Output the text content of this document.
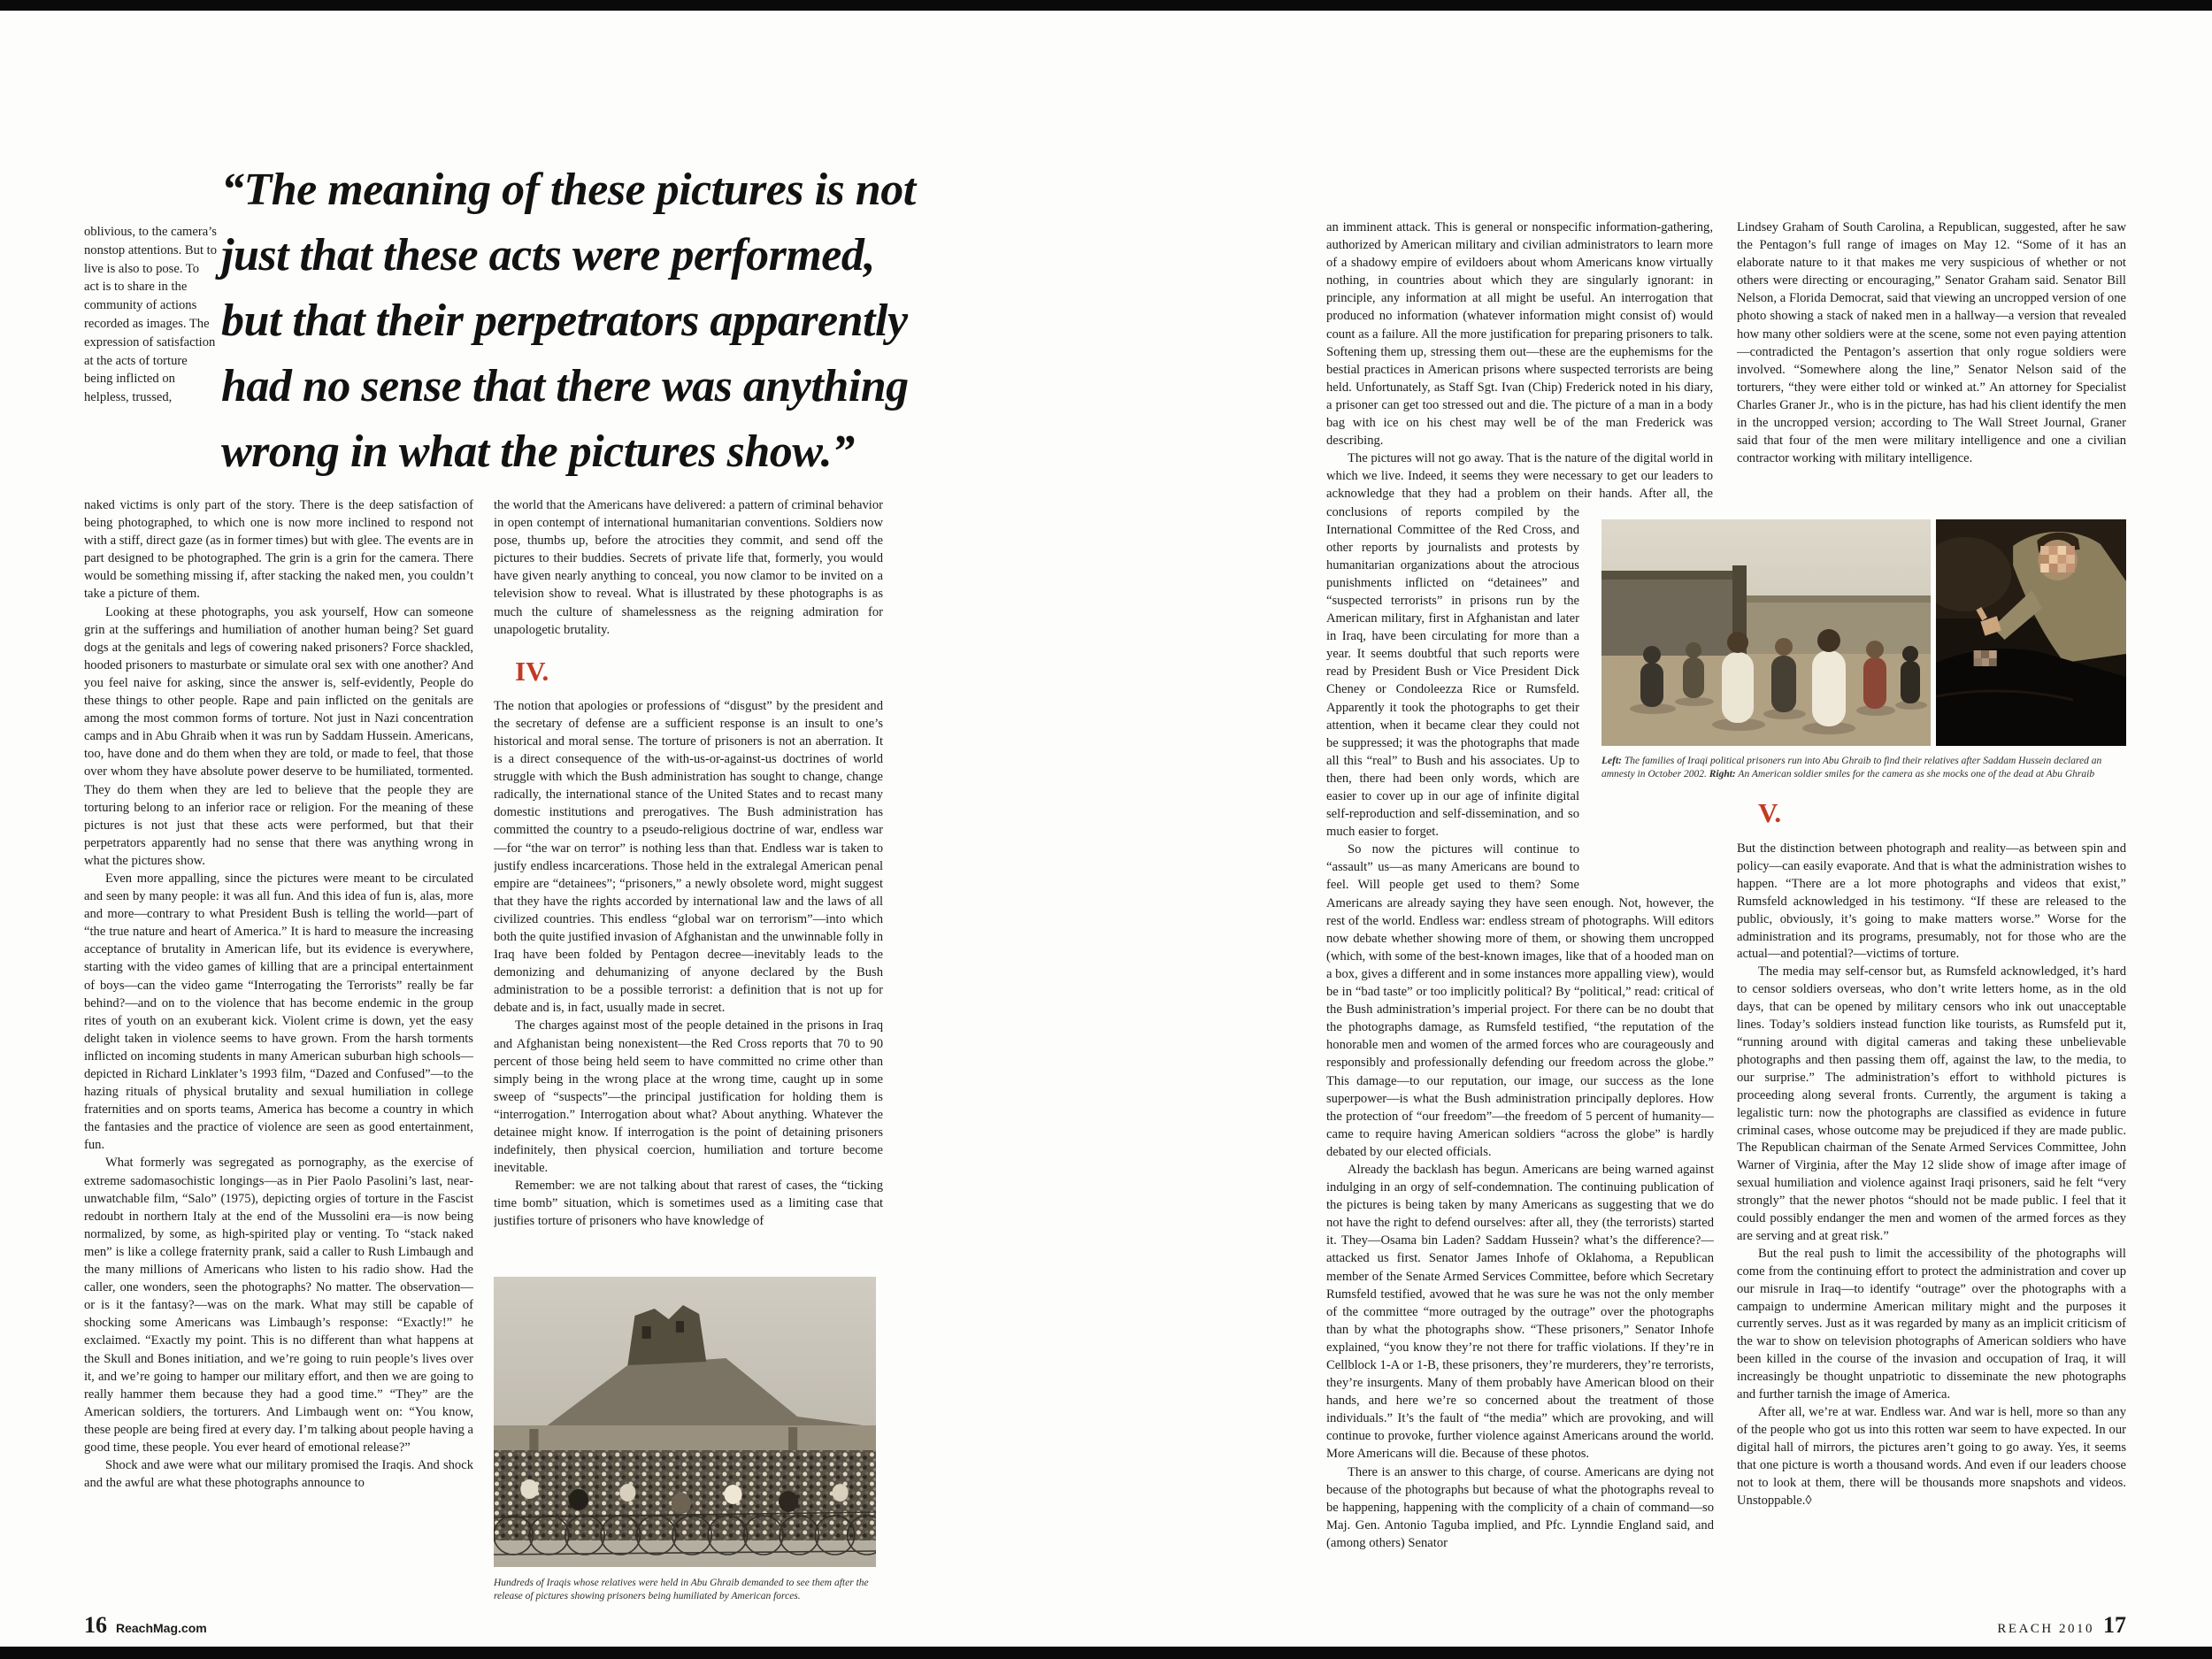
“The meaning of these pictures is not
just that these acts were performed,
but that their perpetrators apparently
had no sense that there was anything
wrong in what the pictures show.”
oblivious, to the camera’s nonstop attentions. But to live is also to pose. To act is to share in the community of actions recorded as images. The expression of satisfaction at the acts of torture being inflicted on helpless, trussed,

naked victims is only part of the story. There is the deep satisfaction of being photographed, to which one is now more inclined to respond not with a stiff, direct gaze (as in former times) but with glee. The events are in part designed to be photographed. The grin is a grin for the camera. There would be something missing if, after stacking the naked men, you couldn’t take a picture of them.

Looking at these photographs, you ask yourself, How can someone grin at the sufferings and humiliation of another human being? Set guard dogs at the genitals and legs of cowering naked prisoners? Force shackled, hooded prisoners to masturbate or simulate oral sex with one another? And you feel naive for asking, since the answer is, self-evidently, People do these things to other people. Rape and pain inflicted on the genitals are among the most common forms of torture. Not just in Nazi concentration camps and in Abu Ghraib when it was run by Saddam Hussein. Americans, too, have done and do them when they are told, or made to feel, that those over whom they have absolute power deserve to be humiliated, tormented. They do them when they are led to believe that the people they are torturing belong to an inferior race or religion. For the meaning of these pictures is not just that these acts were performed, but that their perpetrators apparently had no sense that there was anything wrong in what the pictures show.

Even more appalling, since the pictures were meant to be circulated and seen by many people: it was all fun. And this idea of fun is, alas, more and more—contrary to what President Bush is telling the world—part of “the true nature and heart of America.” It is hard to measure the increasing acceptance of brutality in American life, but its evidence is everywhere, starting with the video games of killing that are a principal entertainment of boys—can the video game “Interrogating the Terrorists” really be far behind?—and on to the violence that has become endemic in the group rites of youth on an exuberant kick. Violent crime is down, yet the easy delight taken in violence seems to have grown. From the harsh torments inflicted on incoming students in many American suburban high schools—depicted in Richard Linklater’s 1993 film, “Dazed and Confused”—to the hazing rituals of physical brutality and sexual humiliation in college fraternities and on sports teams, America has become a country in which the fantasies and the practice of violence are seen as good entertainment, fun.

What formerly was segregated as pornography, as the exercise of extreme sadomasochistic longings—as in Pier Paolo Pasolini’s last, near-unwatchable film, “Salo” (1975), depicting orgies of torture in the Fascist redoubt in northern Italy at the end of the Mussolini era—is now being normalized, by some, as high-spirited play or venting. To “stack naked men” is like a college fraternity prank, said a caller to Rush Limbaugh and the many millions of Americans who listen to his radio show. Had the caller, one wonders, seen the photographs? No matter. The observation—or is it the fantasy?—was on the mark. What may still be capable of shocking some Americans was Limbaugh’s response: “Exactly!” he exclaimed. “Exactly my point. This is no different than what happens at the Skull and Bones initiation, and we’re going to ruin people’s lives over it, and we’re going to hamper our military effort, and then we are going to really hammer them because they had a good time.” “They” are the American soldiers, the torturers. And Limbaugh went on: “You know, these people are being fired at every day. I’m talking about people having a good time, these people. You ever heard of emotional release?”

Shock and awe were what our military promised the Iraqis. And shock and the awful are what these photographs announce to

the world that the Americans have delivered: a pattern of criminal behavior in open contempt of international humanitarian conventions. Soldiers now pose, thumbs up, before the atrocities they commit, and send off the pictures to their buddies. Secrets of private life that, formerly, you would have given nearly anything to conceal, you now clamor to be invited on a television show to reveal. What is illustrated by these photographs is as much the culture of shamelessness as the reigning admiration for unapologetic brutality.

IV.

The notion that apologies or professions of “disgust” by the president and the secretary of defense are a sufficient response is an insult to one’s historical and moral sense. The torture of prisoners is not an aberration. It is a direct consequence of the with-us-or-against-us doctrines of world struggle with which the Bush administration has sought to change, change radically, the international stance of the United States and to recast many domestic institutions and prerogatives. The Bush administration has committed the country to a pseudo-religious doctrine of war, endless war—for “the war on terror” is nothing less than that. Endless war is taken to justify endless incarcerations. Those held in the extralegal American penal empire are “detainees”; “prisoners,” a newly obsolete word, might suggest that they have the rights accorded by international law and the laws of all civilized countries. This endless “global war on terrorism”—into which both the quite justified invasion of Afghanistan and the unwinnable folly in Iraq have been folded by Pentagon decree—inevitably leads to the demonizing and dehumanizing of anyone declared by the Bush administration to be a possible terrorist: a definition that is not up for debate and is, in fact, usually made in secret.

The charges against most of the people detained in the prisons in Iraq and Afghanistan being nonexistent—the Red Cross reports that 70 to 90 percent of those being held seem to have committed no crime other than simply being in the wrong place at the wrong time, caught up in some sweep of “suspects”—the principal justification for holding them is “interrogation.” Interrogation about what? About anything. Whatever the detainee might know. If interrogation is the point of detaining prisoners indefinitely, then physical coercion, humiliation and torture become inevitable.

Remember: we are not talking about that rarest of cases, the “ticking time bomb” situation, which is sometimes used as a limiting case that justifies torture of prisoners who have knowledge of

Hundreds of Iraqis whose relatives were held in Abu Ghraib demanded to see them after the release of pictures showing prisoners being humiliated by American forces.
16 ReachMag.com

an imminent attack. This is general or nonspecific information-gathering, authorized by American military and civilian administrators to learn more of a shadowy empire of evildoers about whom Americans know virtually nothing, in countries about which they are singularly ignorant: in principle, any information at all might be useful. An interrogation that produced no information (whatever information might consist of) would count as a failure. All the more justification for preparing prisoners to talk. Softening them up, stressing them out—these are the euphemisms for the bestial practices in American prisons where suspected terrorists are being held. Unfortunately, as Staff Sgt. Ivan (Chip) Frederick noted in his diary, a prisoner can get too stressed out and die. The picture of a man in a body bag with ice on his chest may well be of the man Frederick was describing.

The pictures will not go away. That is the nature of the digital world in which we live. Indeed, it seems they were necessary to get our leaders to acknowledge that they had a problem on their hands. After all, the conclusions of reports compiled by the International Committee of the Red Cross, and other reports by journalists and protests by humanitarian organizations about the atrocious punishments inflicted on “detainees” and “suspected terrorists” in prisons run by the American military, first in Afghanistan and later in Iraq, have been circulating for more than a year. It seems doubtful that such reports were read by President Bush or Vice President Dick Cheney or Condoleezza Rice or Rumsfeld. Apparently it took the photographs to get their attention, when it became clear they could not be suppressed; it was the photographs that made all this “real” to Bush and his associates. Up to then, there had been only words, which are easier to cover up in our age of infinite digital self-reproduction and self-dissemination, and so much easier to forget.

So now the pictures will continue to “assault” us—as many Americans are bound to feel. Will people get used to them? Some Americans are already saying they have seen enough. Not, however, the rest of the world. Endless war: endless stream of photographs. Will editors now debate whether showing more of them, or showing them uncropped (which, with some of the best-known images, like that of a hooded man on a box, gives a different and in some instances more appalling view), would be in “bad taste” or too implicitly political? By “political,” read: critical of the Bush administration’s imperial project. For there can be no doubt that the photographs damage, as Rumsfeld testified, “the reputation of the honorable men and women of the armed forces who are courageously and responsibly and professionally defending our freedom across the globe.” This damage—to our reputation, our image, our success as the lone superpower—is what the Bush administration principally deplores. How the protection of “our freedom”—the freedom of 5 percent of humanity—came to require having American soldiers “across the globe” is hardly debated by our elected officials.

Already the backlash has begun. Americans are being warned against indulging in an orgy of self-condemnation. The continuing publication of the pictures is being taken by many Americans as suggesting that we do not have the right to defend ourselves: after all, they (the terrorists) started it. They—Osama bin Laden? Saddam Hussein? what’s the difference?—attacked us first. Senator James Inhofe of Oklahoma, a Republican member of the Senate Armed Services Committee, before which Secretary Rumsfeld testified, avowed that he was sure he was not the only member of the committee “more outraged by the outrage” over the photographs than by what the photographs show. “These prisoners,” Senator Inhofe explained, “you know they’re not there for traffic violations. If they’re in Cellblock 1-A or 1-B, these prisoners, they’re murderers, they’re terrorists, they’re insurgents. Many of them probably have American blood on their hands, and here we’re so concerned about the treatment of those individuals.” It’s the fault of “the media” which are provoking, and will continue to provoke, further violence against Americans around the world. More Americans will die. Because of these photos.

There is an answer to this charge, of course. Americans are dying not because of the photographs but because of what the photographs reveal to be happening, happening with the complicity of a chain of command—so Maj. Gen. Antonio Taguba implied, and Pfc. Lynndie England said, and (among others) Senator

Lindsey Graham of South Carolina, a Republican, suggested, after he saw the Pentagon’s full range of images on May 12. “Some of it has an elaborate nature to it that makes me very suspicious of whether or not others were directing or encouraging,” Senator Graham said. Senator Bill Nelson, a Florida Democrat, said that viewing an uncropped version of one photo showing a stack of naked men in a hallway—a version that revealed how many other soldiers were at the scene, some not even paying attention—contradicted the Pentagon’s assertion that only rogue soldiers were involved. “Somewhere along the line,” Senator Nelson said of the torturers, “they were either told or winked at.” An attorney for Specialist Charles Graner Jr., who is in the picture, has had his client identify the men in the uncropped version; according to The Wall Street Journal, Graner said that four of the men were military intelligence and one a civilian contractor working with military intelligence.

Left: The families of Iraqi political prisoners run into Abu Ghraib to find their relatives after Saddam Hussein declared an amnesty in October 2002. Right: An American soldier smiles for the camera as she mocks one of the dead at Abu Ghraib

V.

But the distinction between photograph and reality—as between spin and policy—can easily evaporate. And that is what the administration wishes to happen. “There are a lot more photographs and videos that exist,” Rumsfeld acknowledged in his testimony. “If these are released to the public, obviously, it’s going to make matters worse.” Worse for the administration and its programs, presumably, not for those who are the actual—and potential?—victims of torture.

The media may self-censor but, as Rumsfeld acknowledged, it’s hard to censor soldiers overseas, who don’t write letters home, as in the old days, that can be opened by military censors who ink out unacceptable lines. Today’s soldiers instead function like tourists, as Rumsfeld put it, “running around with digital cameras and taking these unbelievable photographs and then passing them off, against the law, to the media, to our surprise.” The administration’s effort to withhold pictures is proceeding along several fronts. Currently, the argument is taking a legalistic turn: now the photographs are classified as evidence in future criminal cases, whose outcome may be prejudiced if they are made public. The Republican chairman of the Senate Armed Services Committee, John Warner of Virginia, after the May 12 slide show of image after image of sexual humiliation and violence against Iraqi prisoners, said he felt “very strongly” that the newer photos “should not be made public. I feel that it could possibly endanger the men and women of the armed forces as they are serving and at great risk.”

But the real push to limit the accessibility of the photographs will come from the continuing effort to protect the administration and cover up our misrule in Iraq—to identify “outrage” over the photographs with a campaign to undermine American military might and the purposes it currently serves. Just as it was regarded by many as an implicit criticism of the war to show on television photographs of American soldiers who have been killed in the course of the invasion and occupation of Iraq, it will increasingly be thought unpatriotic to disseminate the new photographs and further tarnish the image of America.

After all, we’re at war. Endless war. And war is hell, more so than any of the people who got us into this rotten war seem to have expected. In our digital hall of mirrors, the pictures aren’t going to go away. Yes, it seems that one picture is worth a thousand words. And even if our leaders choose not to look at them, there will be thousands more snapshots and videos. Unstoppable.◊

REACH 2010 17
